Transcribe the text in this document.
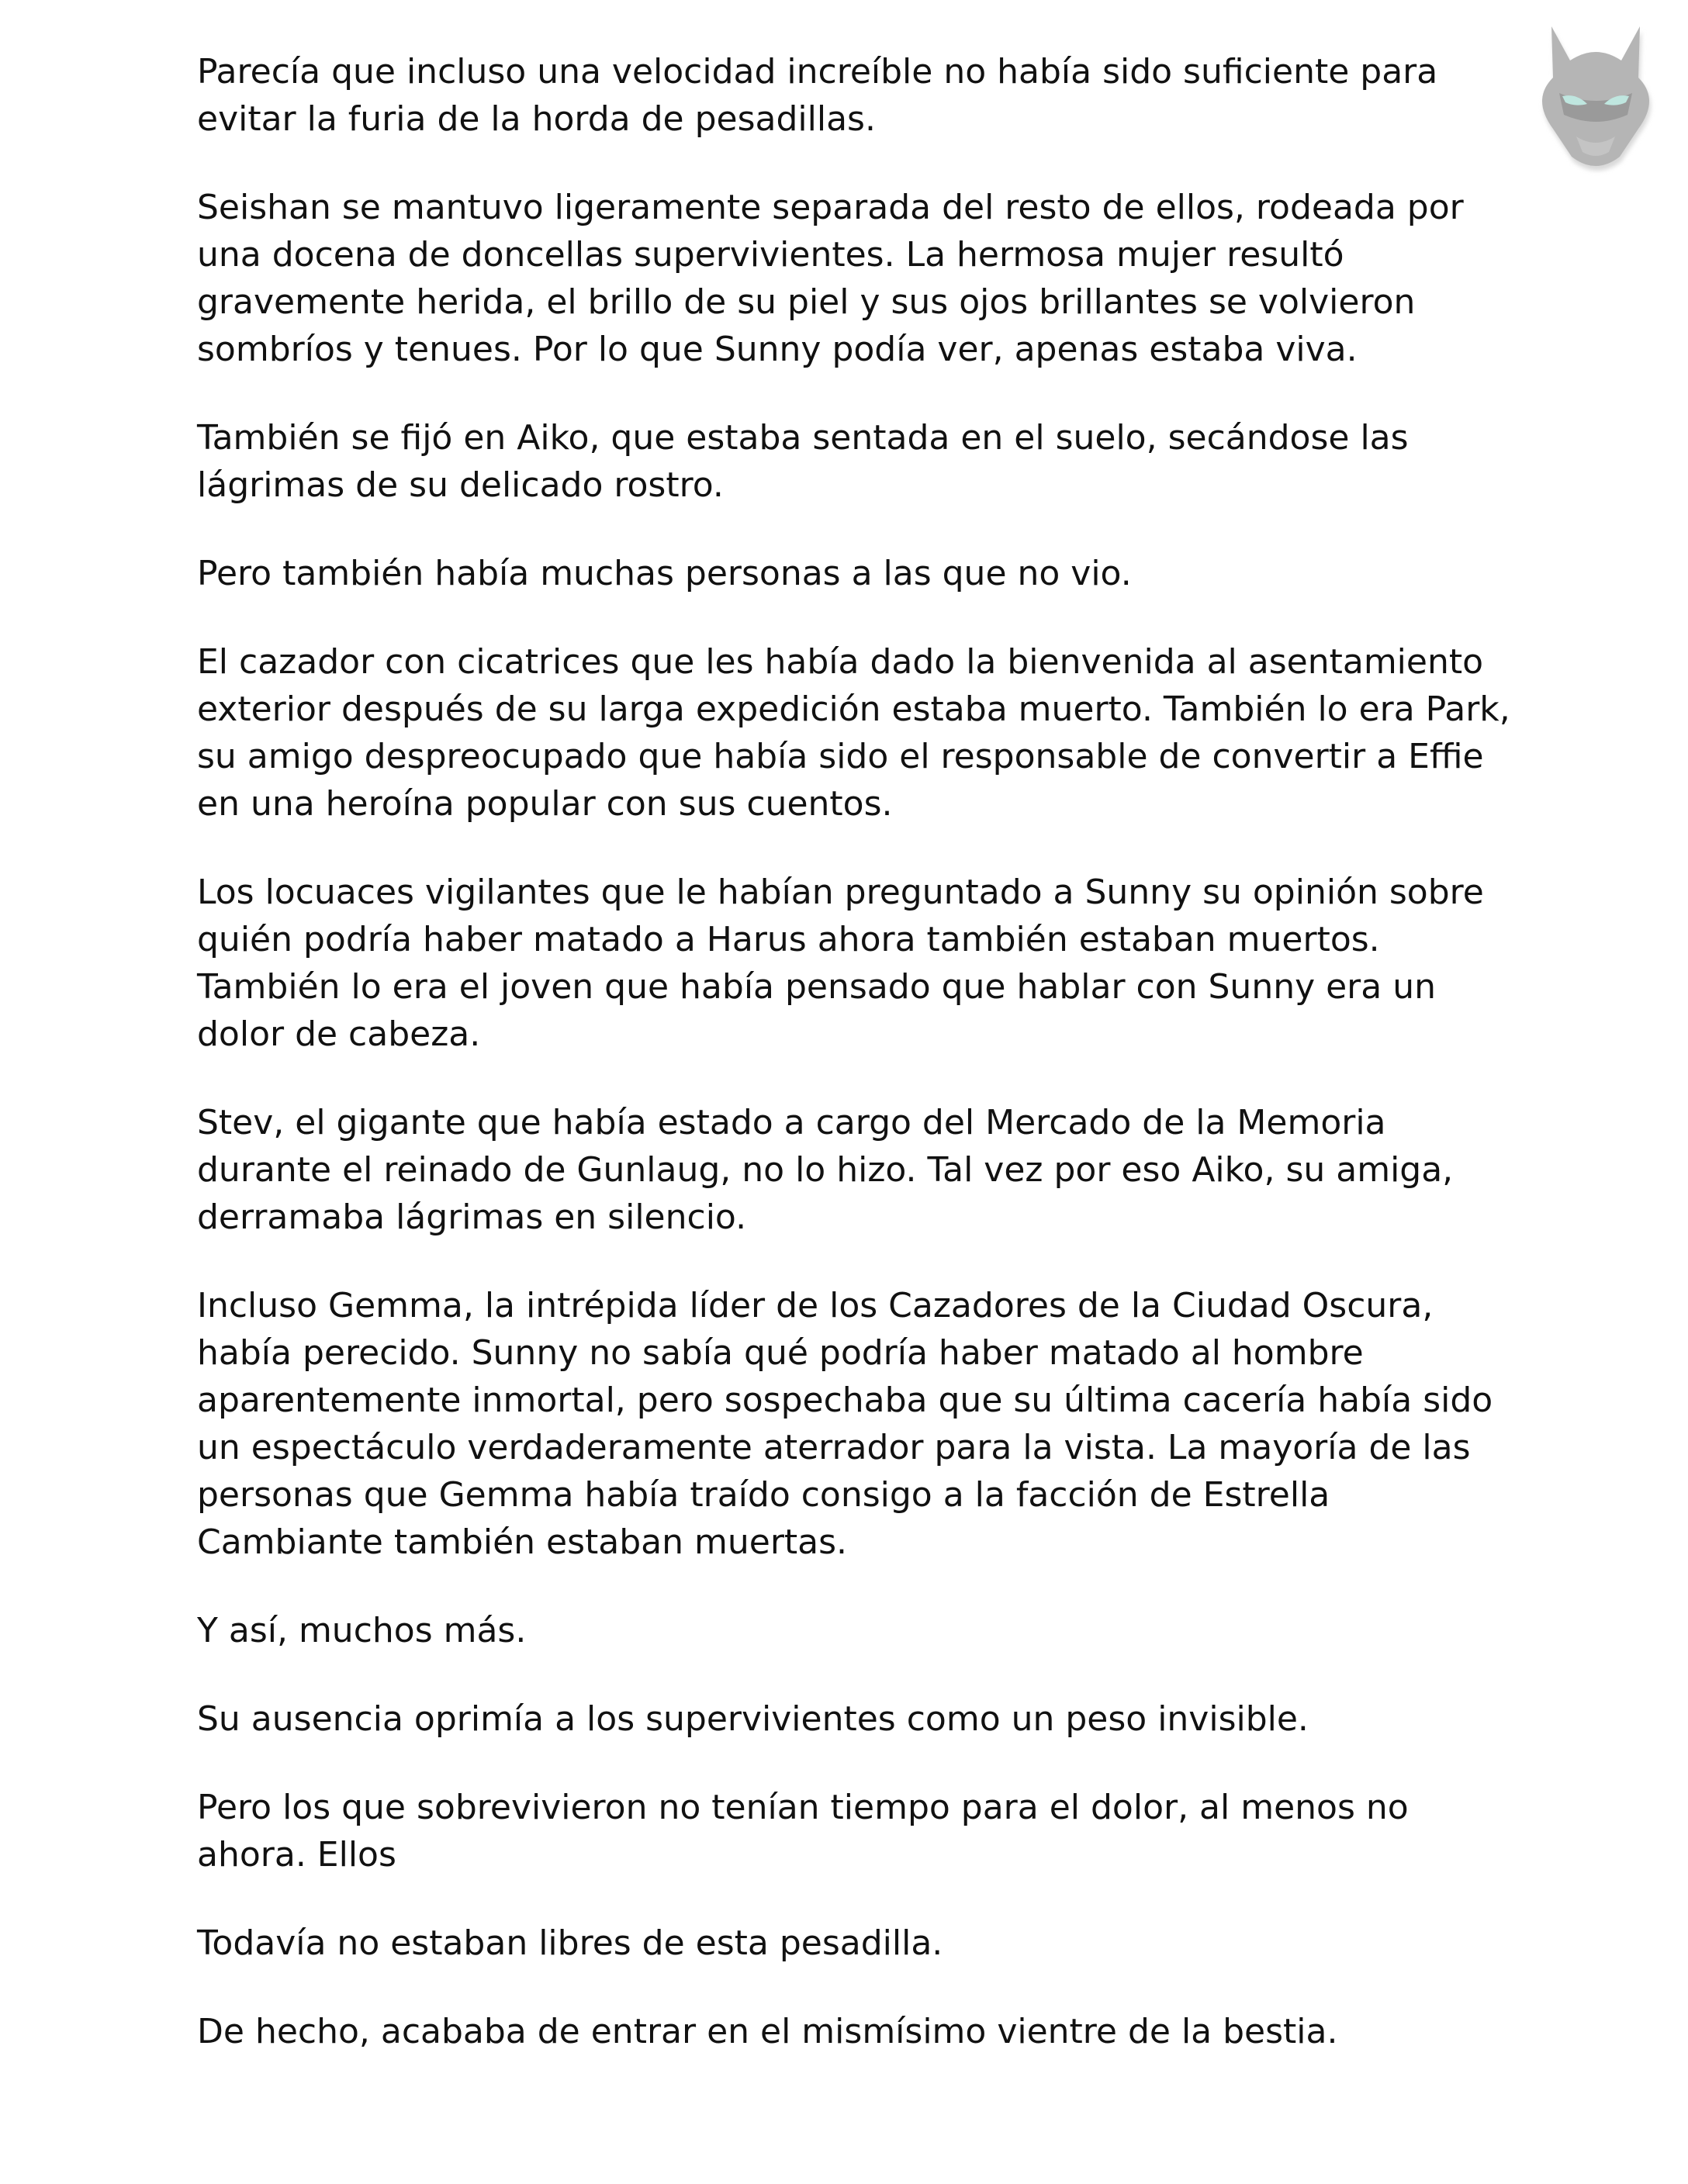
Parecía que incluso una velocidad increíble no había sido suficiente para evitar la furia de la horda de pesadillas.

Seishan se mantuvo ligeramente separada del resto de ellos, rodeada por una docena de doncellas supervivientes. La hermosa mujer resultó gravemente herida, el brillo de su piel y sus ojos brillantes se volvieron sombríos y tenues. Por lo que Sunny podía ver, apenas estaba viva.

También se fijó en Aiko, que estaba sentada en el suelo, secándose las lágrimas de su delicado rostro.

Pero también había muchas personas a las que no vio.

El cazador con cicatrices que les había dado la bienvenida al asentamiento exterior después de su larga expedición estaba muerto. También lo era Park, su amigo despreocupado que había sido el responsable de convertir a Effie en una heroína popular con sus cuentos.

Los locuaces vigilantes que le habían preguntado a Sunny su opinión sobre quién podría haber matado a Harus ahora también estaban muertos. También lo era el joven que había pensado que hablar con Sunny era un dolor de cabeza.

Stev, el gigante que había estado a cargo del Mercado de la Memoria durante el reinado de Gunlaug, no lo hizo. Tal vez por eso Aiko, su amiga, derramaba lágrimas en silencio.

Incluso Gemma, la intrépida líder de los Cazadores de la Ciudad Oscura, había perecido. Sunny no sabía qué podría haber matado al hombre aparentemente inmortal, pero sospechaba que su última cacería había sido un espectáculo verdaderamente aterrador para la vista. La mayoría de las personas que Gemma había traído consigo a la facción de Estrella Cambiante también estaban muertas.

Y así, muchos más.

Su ausencia oprimía a los supervivientes como un peso invisible.

Pero los que sobrevivieron no tenían tiempo para el dolor, al menos no ahora. Ellos

Todavía no estaban libres de esta pesadilla.

De hecho, acababa de entrar en el mismísimo vientre de la bestia.
